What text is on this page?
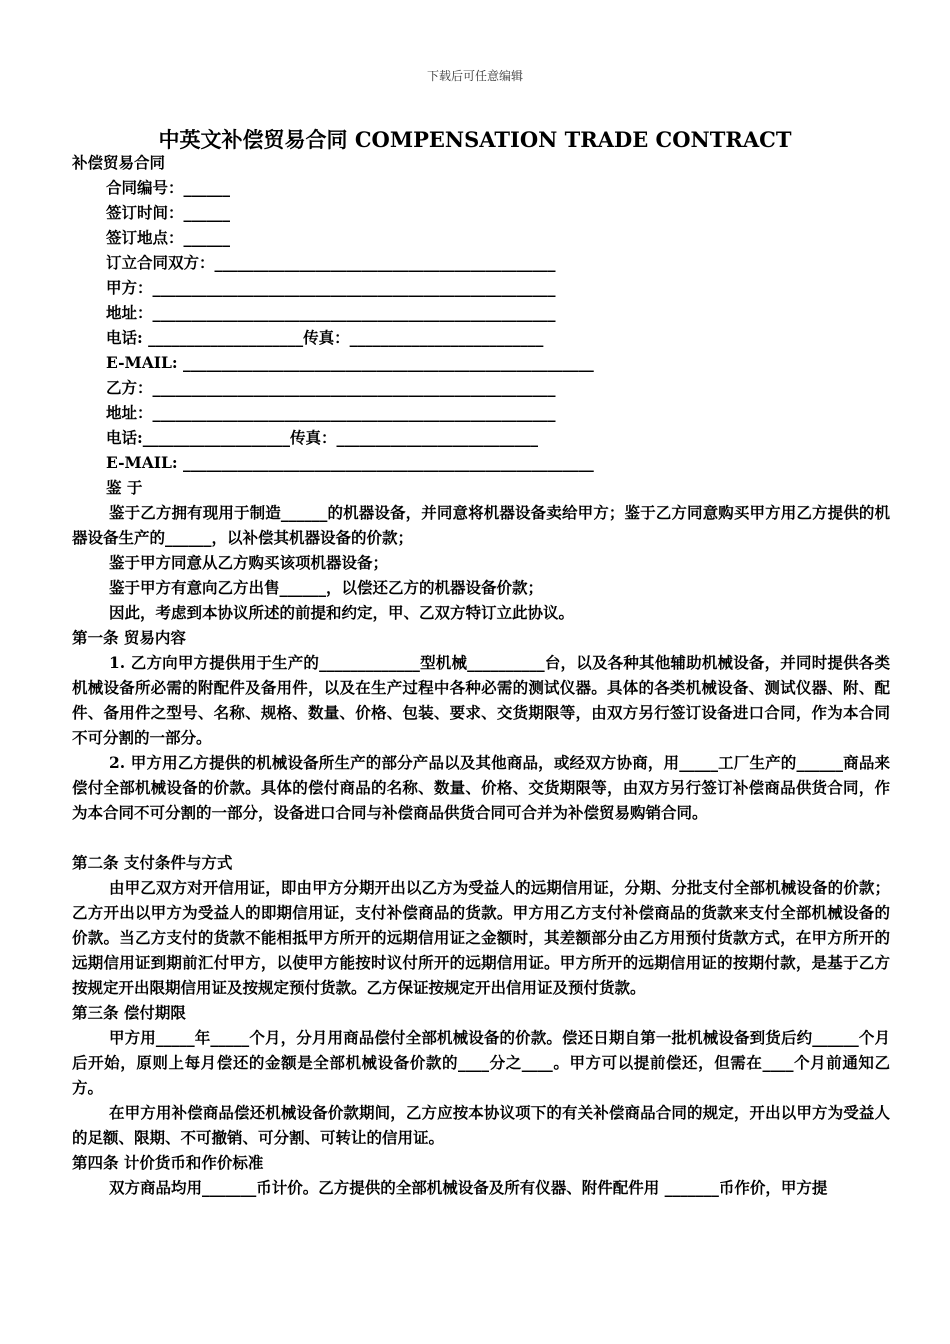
下载后可任意编辑
中英文补偿贸易合同 COMPENSATION TRADE CONTRACT

补偿贸易合同

合同编号：______

签订时间：______

签订地点：______

订立合同双方：____________________________________________

甲方：____________________________________________________

地址：____________________________________________________

电话: ____________________传真：_________________________

E-MAIL: _____________________________________________________

乙方：____________________________________________________

地址：____________________________________________________

电话:___________________传真：__________________________

E-MAIL: _____________________________________________________

鉴 于

鉴于乙方拥有现用于制造______的机器设备，并同意将机器设备卖给甲方；鉴于乙方同意购买甲方用乙方提供的机器设备生产的______，以补偿其机器设备的价款；

鉴于甲方同意从乙方购买该项机器设备；

鉴于甲方有意向乙方出售______，以偿还乙方的机器设备价款；

因此，考虑到本协议所述的前提和约定，甲、乙双方特订立此协议。

第一条 贸易内容

1. 乙方向甲方提供用于生产的_____________型机械__________台，以及各种其他辅助机械设备，并同时提供各类机械设备所必需的附配件及备用件，以及在生产过程中各种必需的测试仪器。具体的各类机械设备、测试仪器、附、配件、备用件之型号、名称、规格、数量、价格、包装、要求、交货期限等，由双方另行签订设备进口合同，作为本合同不可分割的一部分。

2. 甲方用乙方提供的机械设备所生产的部分产品以及其他商品，或经双方协商，用_____工厂生产的______商品来偿付全部机械设备的价款。具体的偿付商品的名称、数量、价格、交货期限等，由双方另行签订补偿商品供货合同，作为本合同不可分割的一部分，设备进口合同与补偿商品供货合同可合并为补偿贸易购销合同。

第二条 支付条件与方式

由甲乙双方对开信用证，即由甲方分期开出以乙方为受益人的远期信用证，分期、分批支付全部机械设备的价款；乙方开出以甲方为受益人的即期信用证，支付补偿商品的货款。甲方用乙方支付补偿商品的货款来支付全部机械设备的价款。当乙方支付的货款不能相抵甲方所开的远期信用证之金额时，其差额部分由乙方用预付货款方式，在甲方所开的远期信用证到期前汇付甲方，以使甲方能按时议付所开的远期信用证。甲方所开的远期信用证的按期付款，是基于乙方按规定开出限期信用证及按规定预付货款。乙方保证按规定开出信用证及预付货款。

第三条 偿付期限

甲方用_____年_____个月，分月用商品偿付全部机械设备的价款。偿还日期自第一批机械设备到货后约______个月后开始，原则上每月偿还的金额是全部机械设备价款的____分之____。甲方可以提前偿还，但需在____个月前通知乙方。

在甲方用补偿商品偿还机械设备价款期间，乙方应按本协议项下的有关补偿商品合同的规定，开出以甲方为受益人的足额、限期、不可撤销、可分割、可转让的信用证。

第四条 计价货币和作价标准

双方商品均用_______币计价。乙方提供的全部机械设备及所有仪器、附件配件用 _______币作价，甲方提
